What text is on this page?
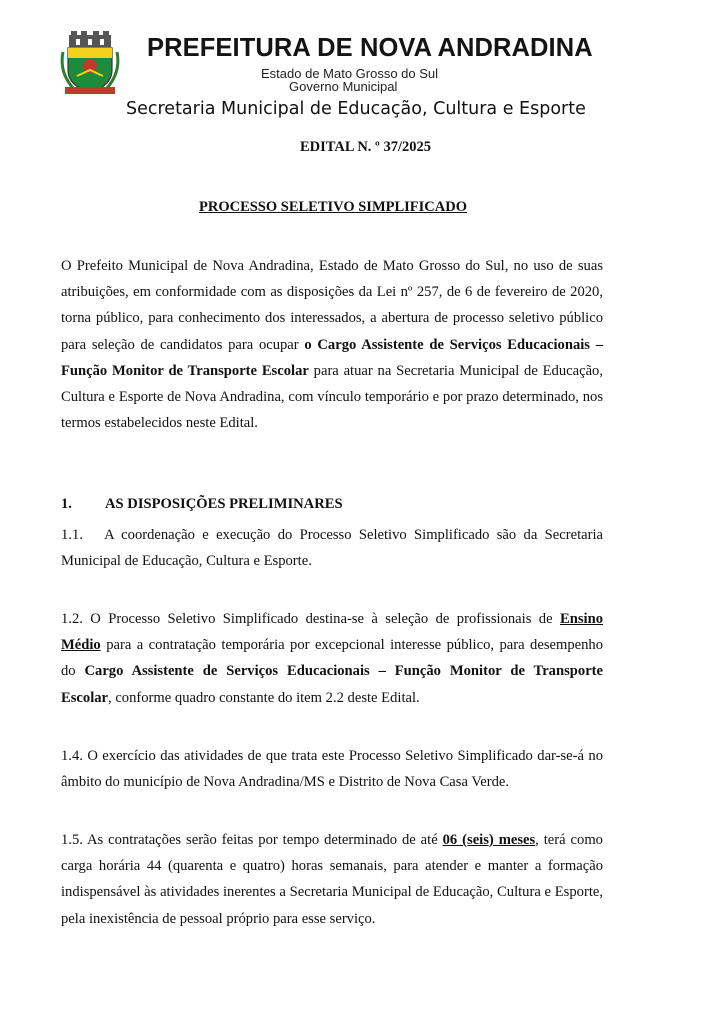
PREFEITURA DE NOVA ANDRADINA
Estado de Mato Grosso do Sul
Governo Municipal
Secretaria Municipal de Educação, Cultura e Esporte
EDITAL N. º 37/2025
PROCESSO SELETIVO SIMPLIFICADO
O Prefeito Municipal de Nova Andradina, Estado de Mato Grosso do Sul, no uso de suas atribuições, em conformidade com as disposições da Lei nº 257, de 6 de fevereiro de 2020, torna público, para conhecimento dos interessados, a abertura de processo seletivo público para seleção de candidatos para ocupar o Cargo Assistente de Serviços Educacionais – Função Monitor de Transporte Escolar para atuar na Secretaria Municipal de Educação, Cultura e Esporte de Nova Andradina, com vínculo temporário e por prazo determinado, nos termos estabelecidos neste Edital.
1. AS DISPOSIÇÕES PRELIMINARES
1.1. A coordenação e execução do Processo Seletivo Simplificado são da Secretaria Municipal de Educação, Cultura e Esporte.
1.2. O Processo Seletivo Simplificado destina-se à seleção de profissionais de Ensino Médio para a contratação temporária por excepcional interesse público, para desempenho do Cargo Assistente de Serviços Educacionais – Função Monitor de Transporte Escolar, conforme quadro constante do item 2.2 deste Edital.
1.4. O exercício das atividades de que trata este Processo Seletivo Simplificado dar-se-á no âmbito do município de Nova Andradina/MS e Distrito de Nova Casa Verde.
1.5. As contratações serão feitas por tempo determinado de até 06 (seis) meses, terá como carga horária 44 (quarenta e quatro) horas semanais, para atender e manter a formação indispensável às atividades inerentes a Secretaria Municipal de Educação, Cultura e Esporte, pela inexistência de pessoal próprio para esse serviço.
